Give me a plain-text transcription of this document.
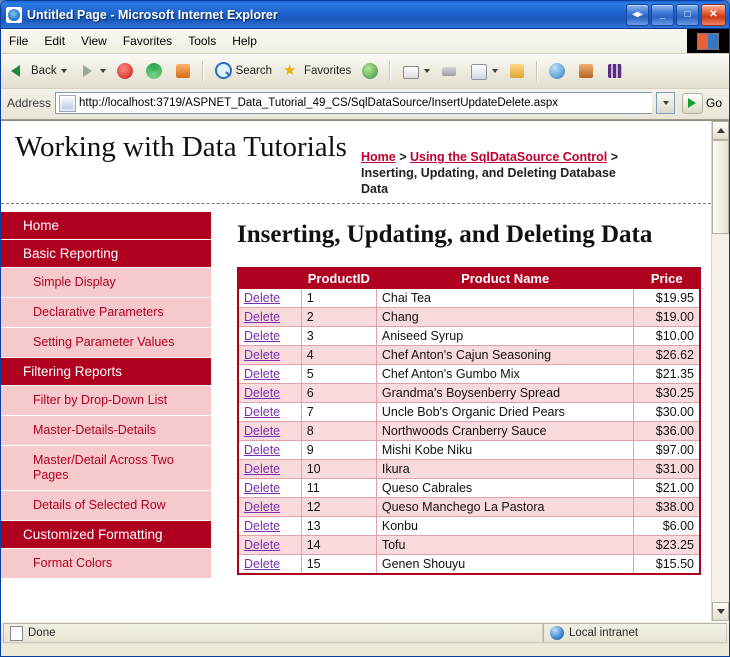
Untitled Page - Microsoft Internet Explorer	◂▸	_	□	✕
File	Edit	View	Favorites	Tools	Help
Back	Search ★ Favorites
Address http://localhost:3719/ASPNET_Data_Tutorial_49_CS/SqlDataSource/InsertUpdateDelete.aspx	Go
Working with Data Tutorials	Home > Using the SqlDataSource Control > Inserting, Updating, and Deleting Database Data
Home
Basic Reporting
Simple Display
Declarative Parameters
Setting Parameter Values
Filtering Reports
Filter by Drop-Down List
Master-Details-Details
Master/Detail Across Two Pages
Details of Selected Row
Customized Formatting
Format Colors
Inserting, Updating, and Deleting Data
	ProductID	Product Name	Price
Delete	1	Chai Tea	$19.95
Delete	2	Chang	$19.00
Delete	3	Aniseed Syrup	$10.00
Delete	4	Chef Anton's Cajun Seasoning	$26.62
Delete	5	Chef Anton's Gumbo Mix	$21.35
Delete	6	Grandma's Boysenberry Spread	$30.25
Delete	7	Uncle Bob's Organic Dried Pears	$30.00
Delete	8	Northwoods Cranberry Sauce	$36.00
Delete	9	Mishi Kobe Niku	$97.00
Delete	10	Ikura	$31.00
Delete	11	Queso Cabrales	$21.00
Delete	12	Queso Manchego La Pastora	$38.00
Delete	13	Konbu	$6.00
Delete	14	Tofu	$23.25
Delete	15	Genen Shouyu	$15.50
Done	Local intranet
